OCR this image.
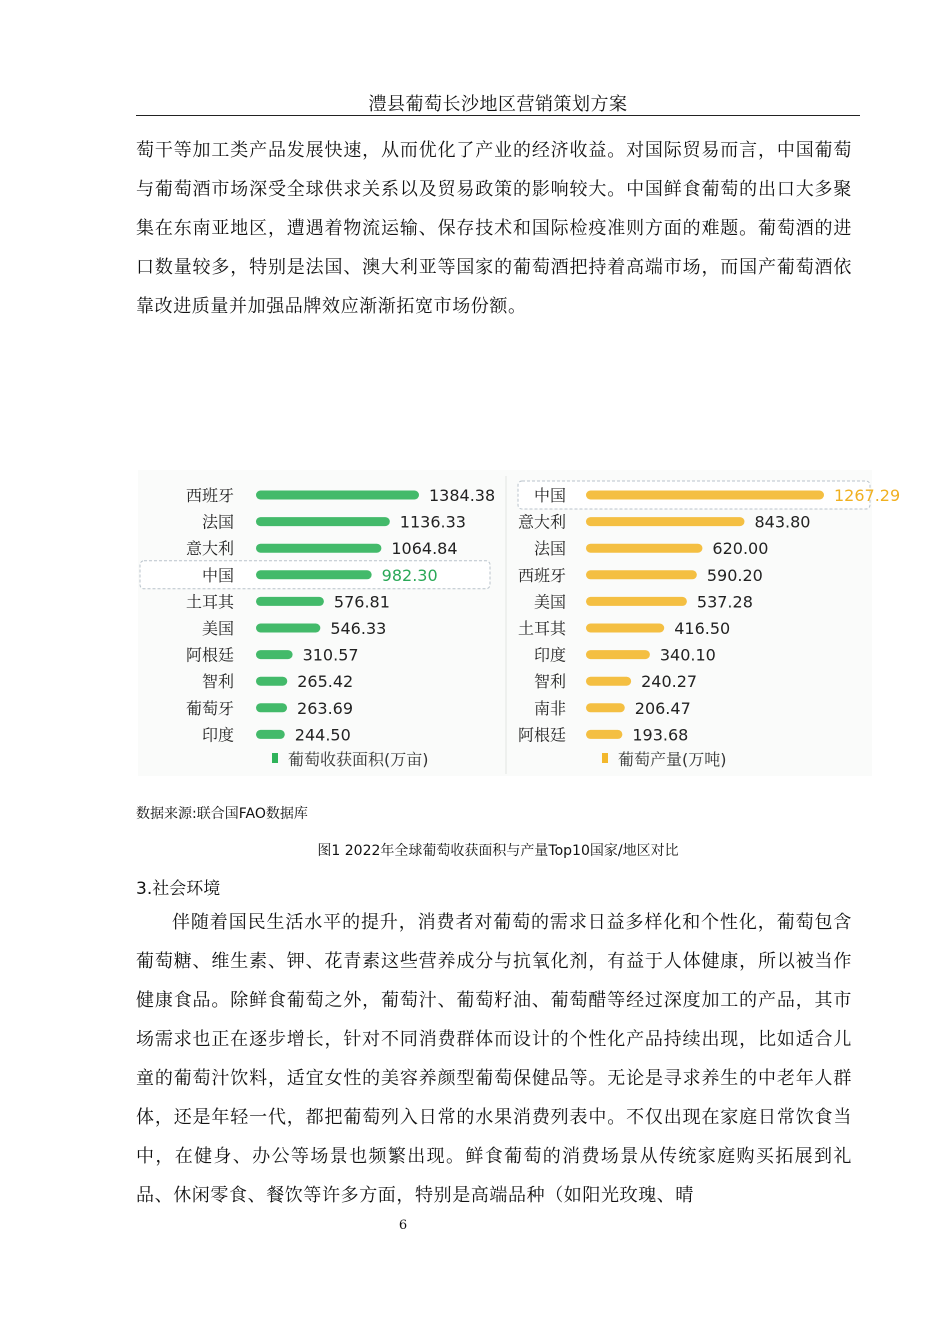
澧县葡萄长沙地区营销策划方案

萄干等加工类产品发展快速，从而优化了产业的经济收益。对国际贸易而言，中国葡萄与葡萄酒市场深受全球供求关系以及贸易政策的影响较大。中国鲜食葡萄的出口大多聚集在东南亚地区，遭遇着物流运输、保存技术和国际检疫准则方面的难题。葡萄酒的进口数量较多，特别是法国、澳大利亚等国家的葡萄酒把持着高端市场，而国产葡萄酒依靠改进质量并加强品牌效应渐渐拓宽市场份额。

西班牙	1384.38
法国	1136.33
意大利	1064.84
中国	982.30
土耳其	576.81
美国	546.33
阿根廷	310.57
智利	265.42
葡萄牙	263.69
印度	244.50
葡萄收获面积(万亩)
中国	1267.29
意大利	843.80
法国	620.00
西班牙	590.20
美国	537.28
土耳其	416.50
印度	340.10
智利	240.27
南非	206.47
阿根廷	193.68
葡萄产量(万吨)
数据来源:联合国FAO数据库
图1 2022年全球葡萄收获面积与产量Top10国家/地区对比
3.社会环境

伴随着国民生活水平的提升，消费者对葡萄的需求日益多样化和个性化，葡萄包含葡萄糖、维生素、钾、花青素这些营养成分与抗氧化剂，有益于人体健康，所以被当作健康食品。除鲜食葡萄之外，葡萄汁、葡萄籽油、葡萄醋等经过深度加工的产品，其市场需求也正在逐步增长，针对不同消费群体而设计的个性化产品持续出现，比如适合儿童的葡萄汁饮料，适宜女性的美容养颜型葡萄保健品等。无论是寻求养生的中老年人群体，还是年轻一代，都把葡萄列入日常的水果消费列表中。不仅出现在家庭日常饮食当中，在健身、办公等场景也频繁出现。鲜食葡萄的消费场景从传统家庭购买拓展到礼品、休闲零食、餐饮等许多方面，特别是高端品种（如阳光玫瑰、晴

6
